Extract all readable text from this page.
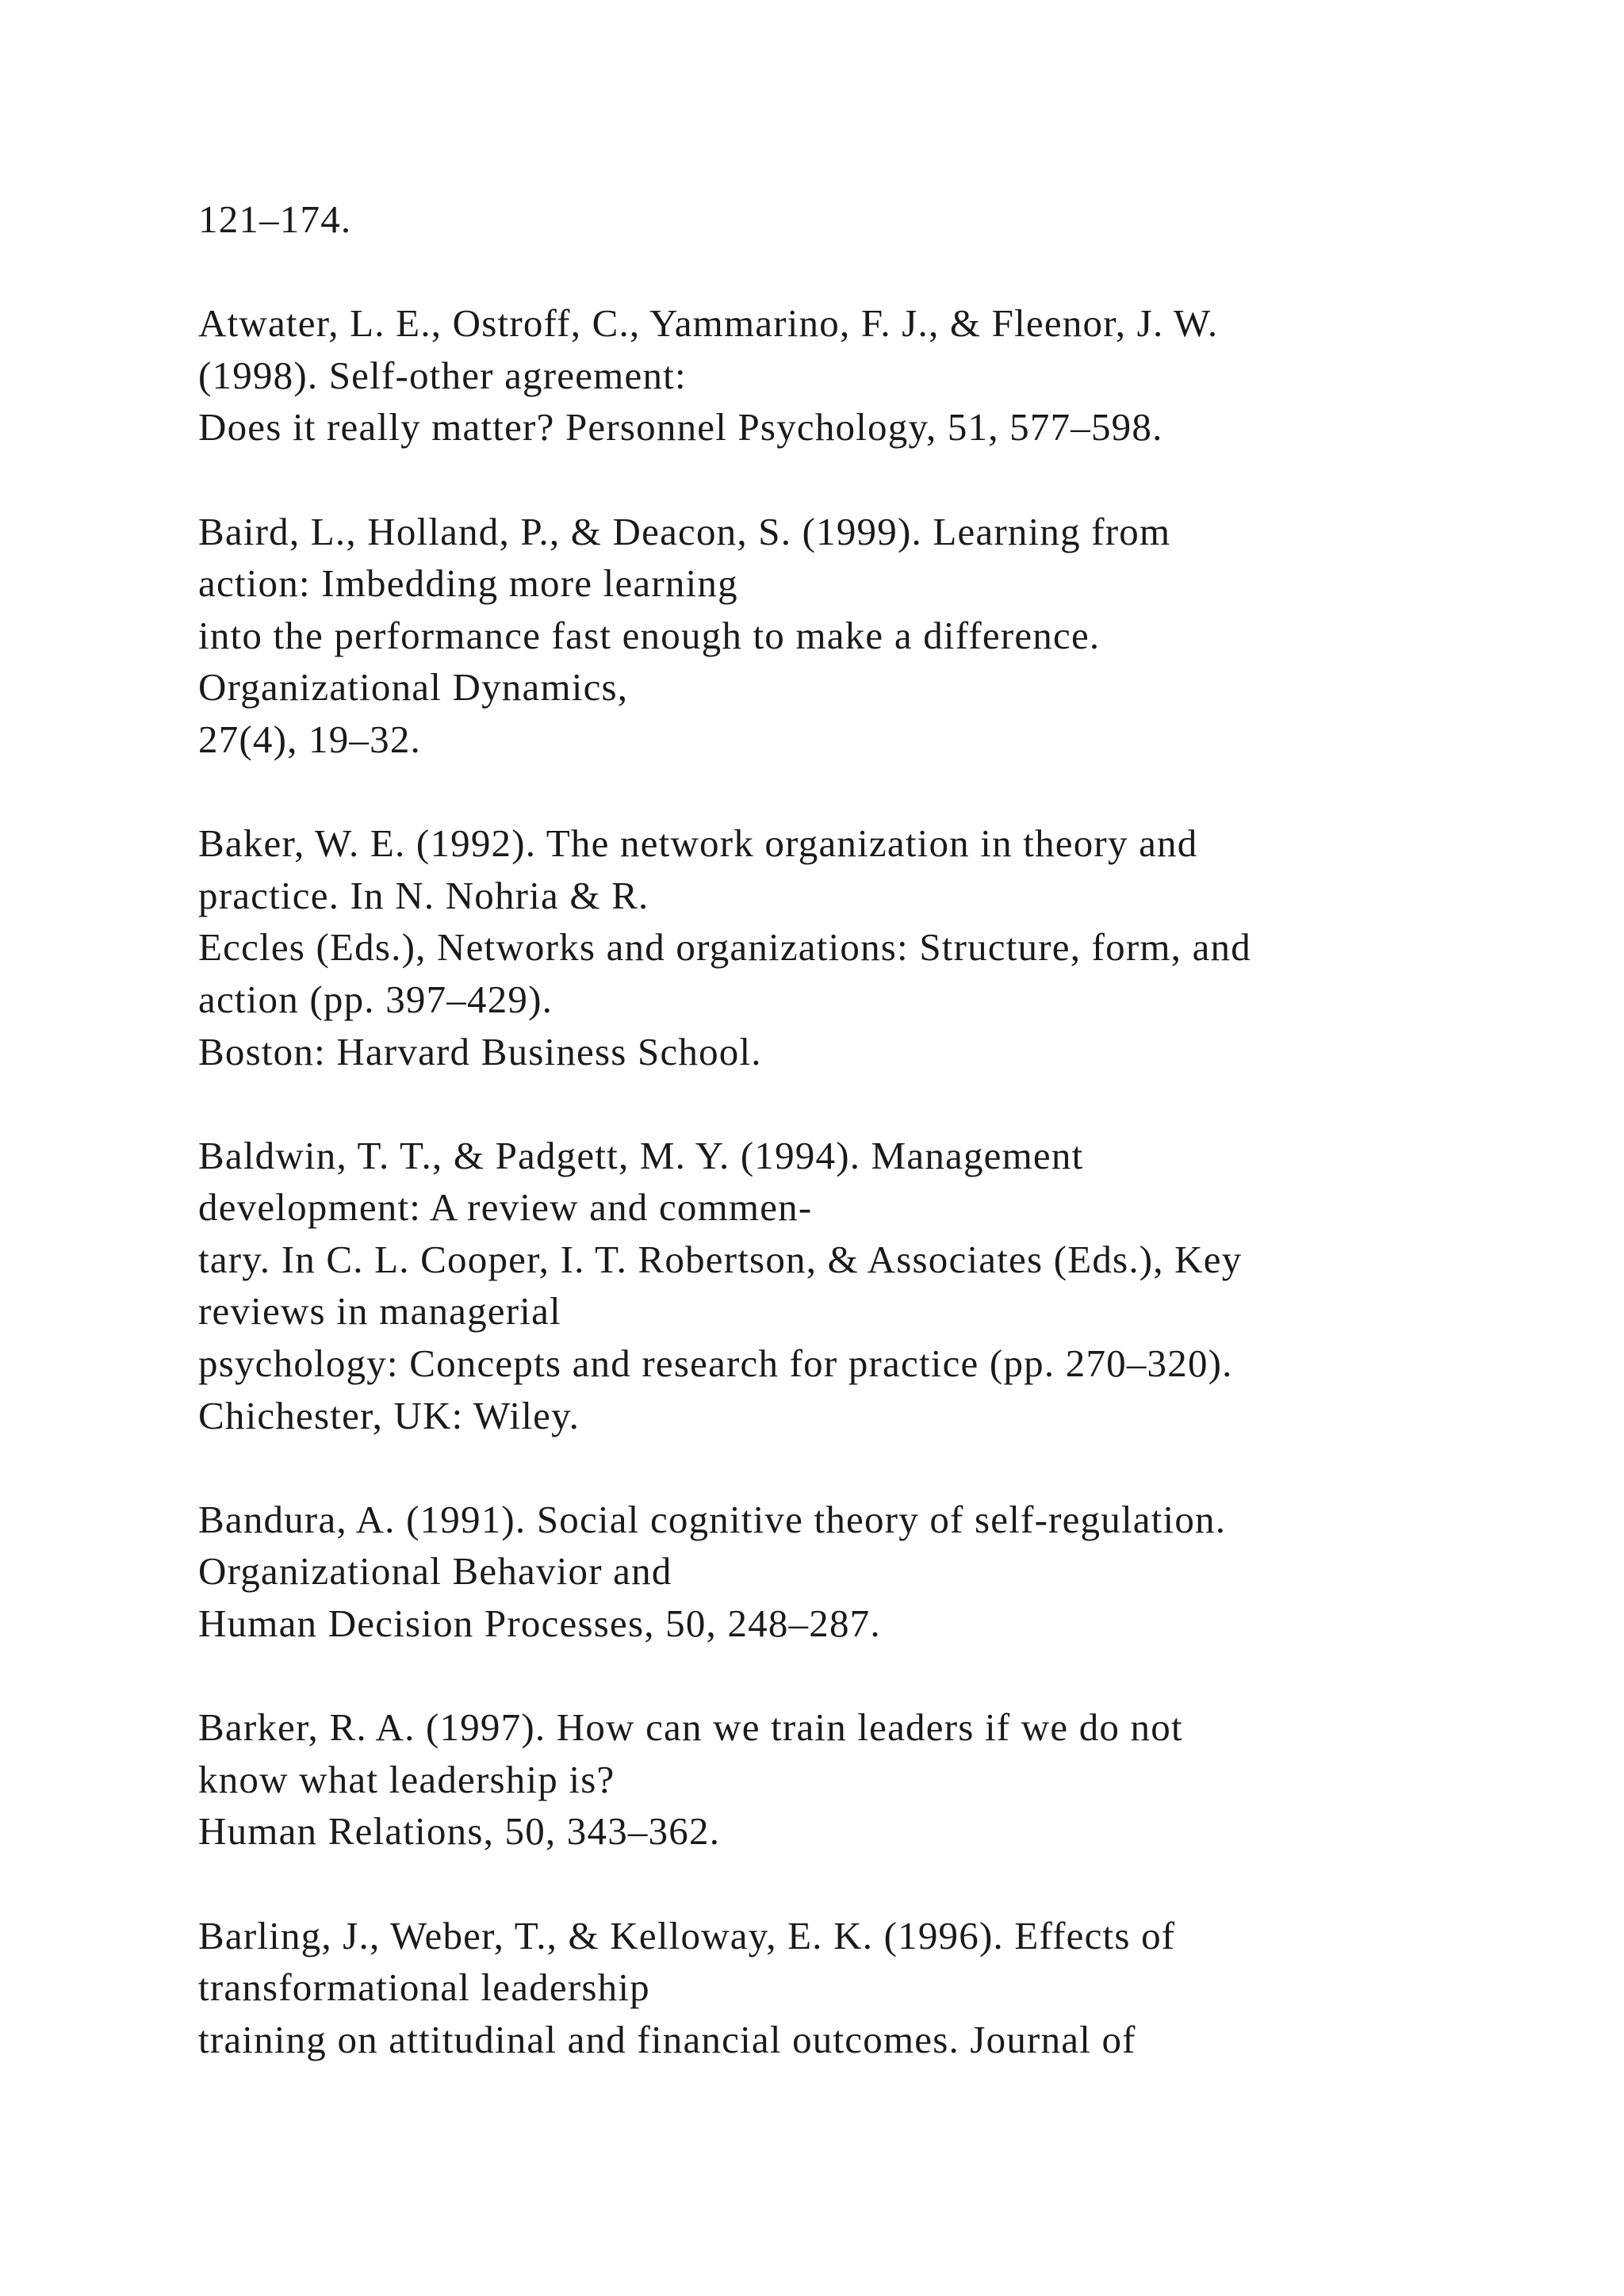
121–174.
Atwater, L. E., Ostroff, C., Yammarino, F. J., & Fleenor, J. W.
(1998). Self-other agreement:
Does it really matter? Personnel Psychology, 51, 577–598.
Baird, L., Holland, P., & Deacon, S. (1999). Learning from
action: Imbedding more learning
into the performance fast enough to make a difference.
Organizational Dynamics,
27(4), 19–32.
Baker, W. E. (1992). The network organization in theory and
practice. In N. Nohria & R.
Eccles (Eds.), Networks and organizations: Structure, form, and
action (pp. 397–429).
Boston: Harvard Business School.
Baldwin, T. T., & Padgett, M. Y. (1994). Management
development: A review and commen-
tary. In C. L. Cooper, I. T. Robertson, & Associates (Eds.), Key
reviews in managerial
psychology: Concepts and research for practice (pp. 270–320).
Chichester, UK: Wiley.
Bandura, A. (1991). Social cognitive theory of self-regulation.
Organizational Behavior and
Human Decision Processes, 50, 248–287.
Barker, R. A. (1997). How can we train leaders if we do not
know what leadership is?
Human Relations, 50, 343–362.
Barling, J., Weber, T., & Kelloway, E. K. (1996). Effects of
transformational leadership
training on attitudinal and financial outcomes. Journal of
